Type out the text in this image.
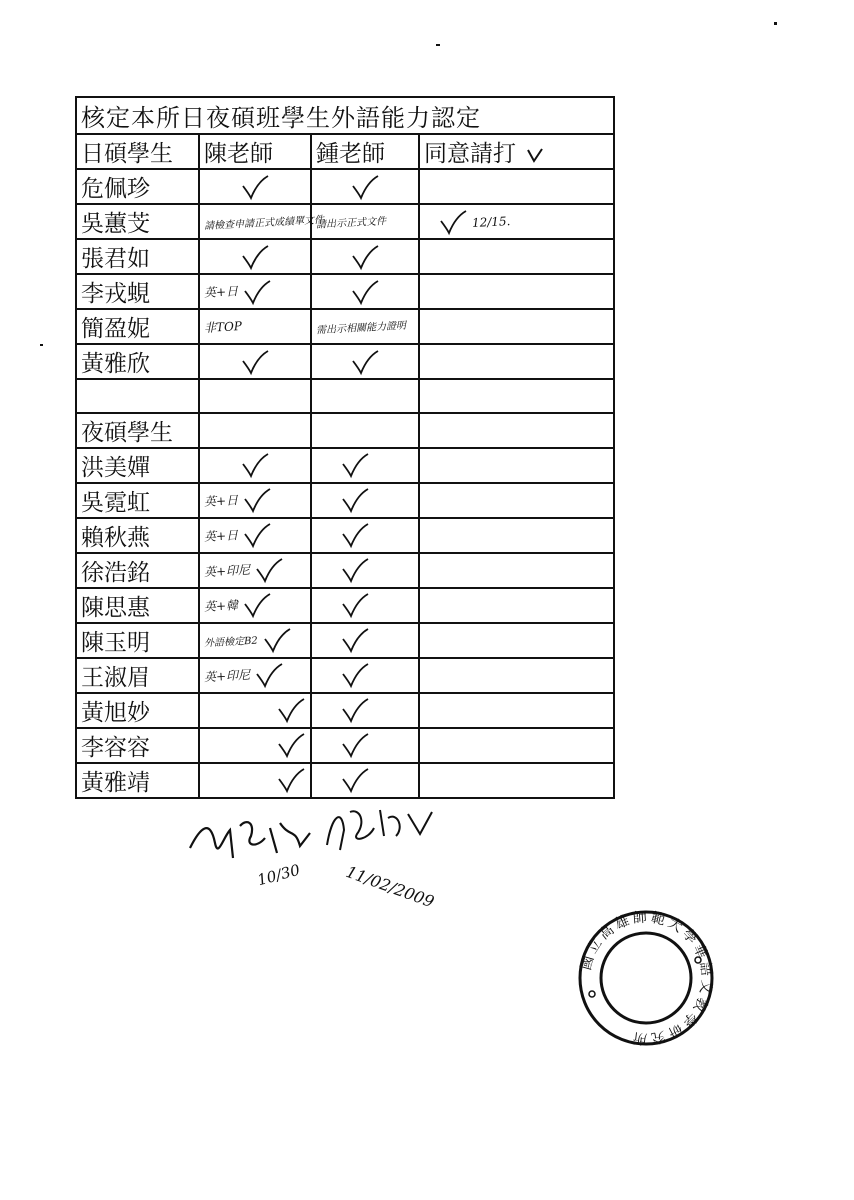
核定本所日夜碩班學生外語能力認定			
日碩學生	陳老師	鍾老師	同意請打
危佩珍	

吳蕙芠	請檢查申請正式成績單文件	請出示正式文件	12/15.

張君如	

李戎蜆	英+日

簡盈妮	非TOP	需出示相關能力證明	

黃雅欣	

夜碩學生			
洪美嬋	

吳霓虹	英+日

賴秋燕	英+日

徐浩銘	英+印尼

陳思惠	英+韓

陳玉明	外語檢定B2

王淑眉	英+印尼

黃旭妙	

李容容	

黃雅靖	

10/30	11/02/2009
國立高雄師範大學華語文教學研究所
